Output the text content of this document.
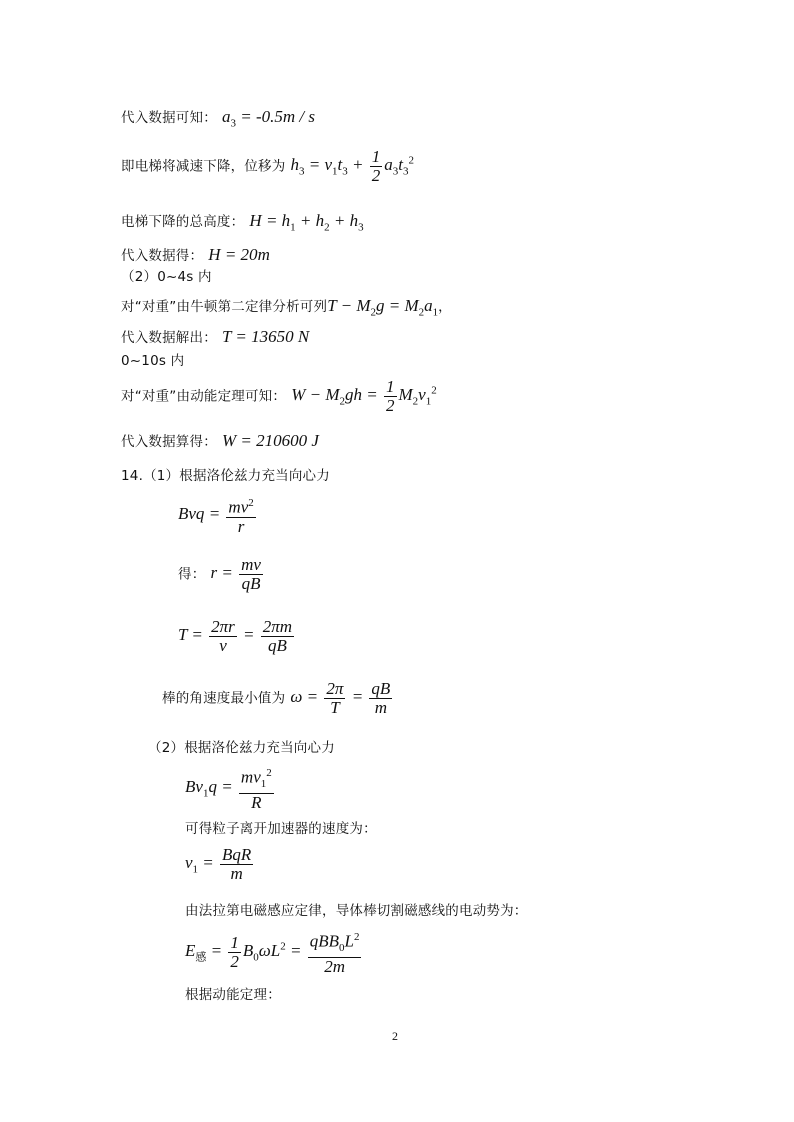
代入数据可知： $a_3 = -0.5m / s$
即电梯将减速下降，位移为 $h_3 = v_1t_3 + \frac{1}{2} a_3t_3^2$
电梯下降的总高度： $H = h_1 + h_2 + h_3$
代入数据得： H = 20m
（2）0~4s 内
对“对重”由牛顿第二定律分析可列$T - M_2g = M_2a_1$，
代入数据解出： T = 13650 N
0~10s 内
对“对重”由动能定理可知： $W - M_2gh = \frac{1}{2} M_2v_1^2$
代入数据算得： W = 210600 J
14.（1）根据洛伦兹力充当向心力
Bvq = $\frac{mv^2}{r}$
得： $r = \frac{mv}{qB}$
$T = \frac{2\pi r}{v} = \frac{2\pi m}{qB}$
棒的角速度最小值为 $\omega = \frac{2\pi}{T} = \frac{qB}{m}$
（2）根据洛伦兹力充当向心力
$Bv_1q = \frac{mv_1^2}{R}$
可得粒子离开加速器的速度为：
$v_1 = \frac{\text{BqR}}{m}$
由法拉第电磁感应定律，导体棒切割磁感线的电动势为：
$E_感 = \frac{1}{2} B_0\omega L^2 = \frac{qBB_0L^2}{2m}$
根据动能定理：
2
